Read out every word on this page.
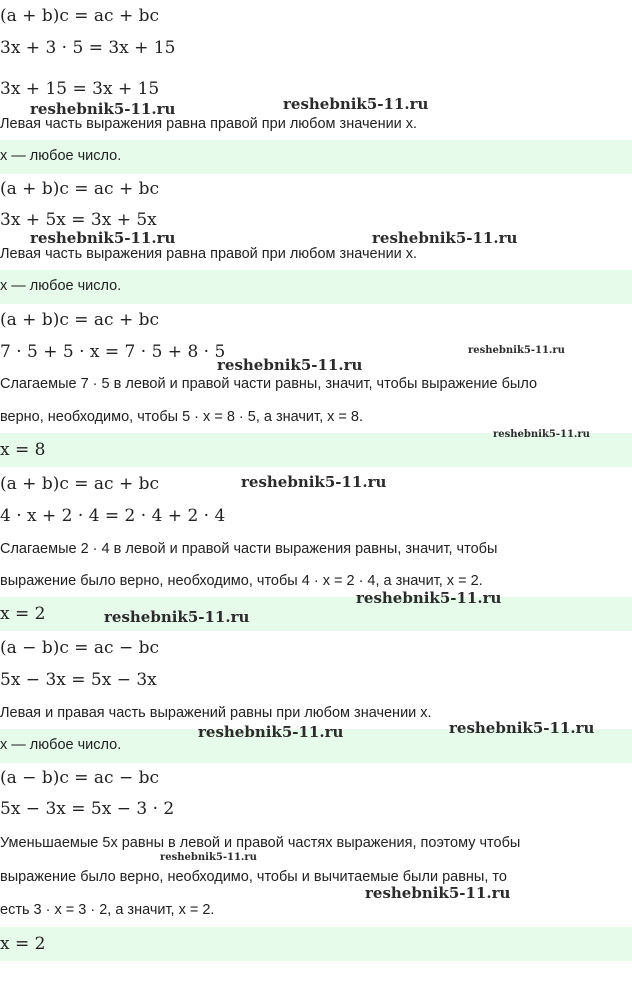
(a + b)c = ac + bc
3x + 3 · 5 = 3x + 15
3x + 15 = 3x + 15
Левая часть выражения равна правой при любом значении x.
x — любое число.
(a + b)c = ac + bc
3x + 5x = 3x + 5x
Левая часть выражения равна правой при любом значении x.
x — любое число.
(a + b)c = ac + bc
7 · 5 + 5 · x = 7 · 5 + 8 · 5
Слагаемые 7 · 5 в левой и правой части равны, значит, чтобы выражение было
верно, необходимо, чтобы 5 · x = 8 · 5, а значит, x = 8.
x = 8
(a + b)c = ac + bc
4 · x + 2 · 4 = 2 · 4 + 2 · 4
Слагаемые 2 · 4 в левой и правой части выражения равны, значит, чтобы
выражение было верно, необходимо, чтобы 4 · x = 2 · 4, а значит, x = 2.
x = 2
(a − b)c = ac − bc
5x − 3x = 5x − 3x
Левая и правая часть выражений равны при любом значении x.
x — любое число.
(a − b)c = ac − bc
5x − 3x = 5x − 3 · 2
Уменьшаемые 5x равны в левой и правой частях выражения, поэтому чтобы
выражение было верно, необходимо, чтобы и вычитаемые были равны, то
есть 3 · x = 3 · 2, а значит, x = 2.
x = 2
reshebnik5-11.ru	reshebnik5-11.ru
reshebnik5-11.ru	reshebnik5-11.ru
reshebnik5-11.ru
reshebnik5-11.ru
reshebnik5-11.ru
reshebnik5-11.ru
reshebnik5-11.ru
reshebnik5-11.ru
reshebnik5-11.ru	reshebnik5-11.ru
reshebnik5-11.ru
reshebnik5-11.ru
